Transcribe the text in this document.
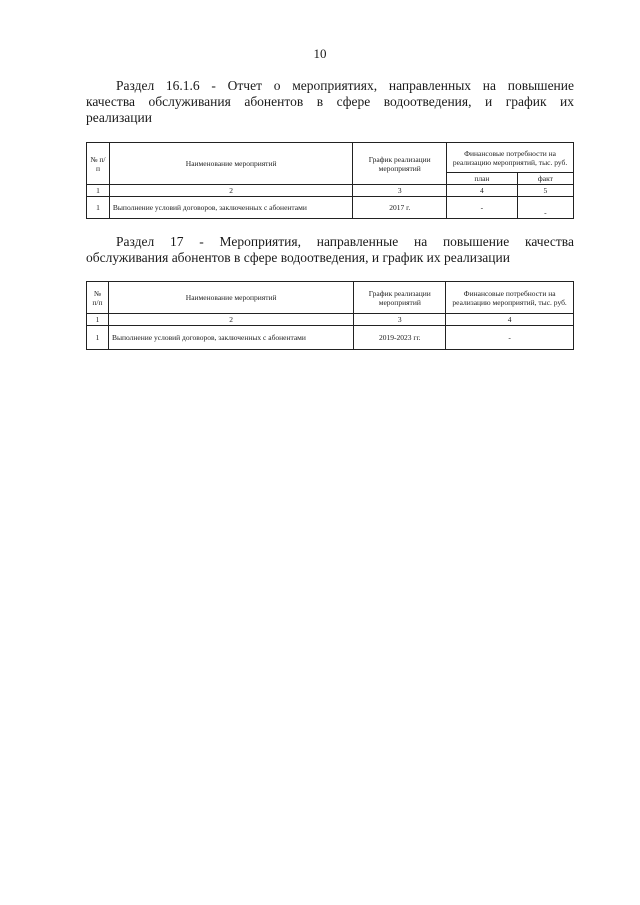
10
Раздел 16.1.6 - Отчет о мероприятиях, направленных на повышение
качества обслуживания абонентов в сфере водоотведения, и график их
реализации
№ п/п	Наименование мероприятий	График реализации мероприятий	Финансовые потребности на реализацию мероприятий, тыс. руб.	
			план	факт
1	2	3	4	5
1	Выполнение условий договоров, заключенных с абонентами	2017 г.	-	-
Раздел 17 - Мероприятия, направленные на повышение качества
обслуживания абонентов в сфере водоотведения, и график их реализации
№ п/п	Наименование мероприятий	График реализации мероприятий	Финансовые потребности на реализацию мероприятий, тыс. руб.
1	2	3	4
1	Выполнение условий договоров, заключенных с абонентами	2019-2023 гг.	-
